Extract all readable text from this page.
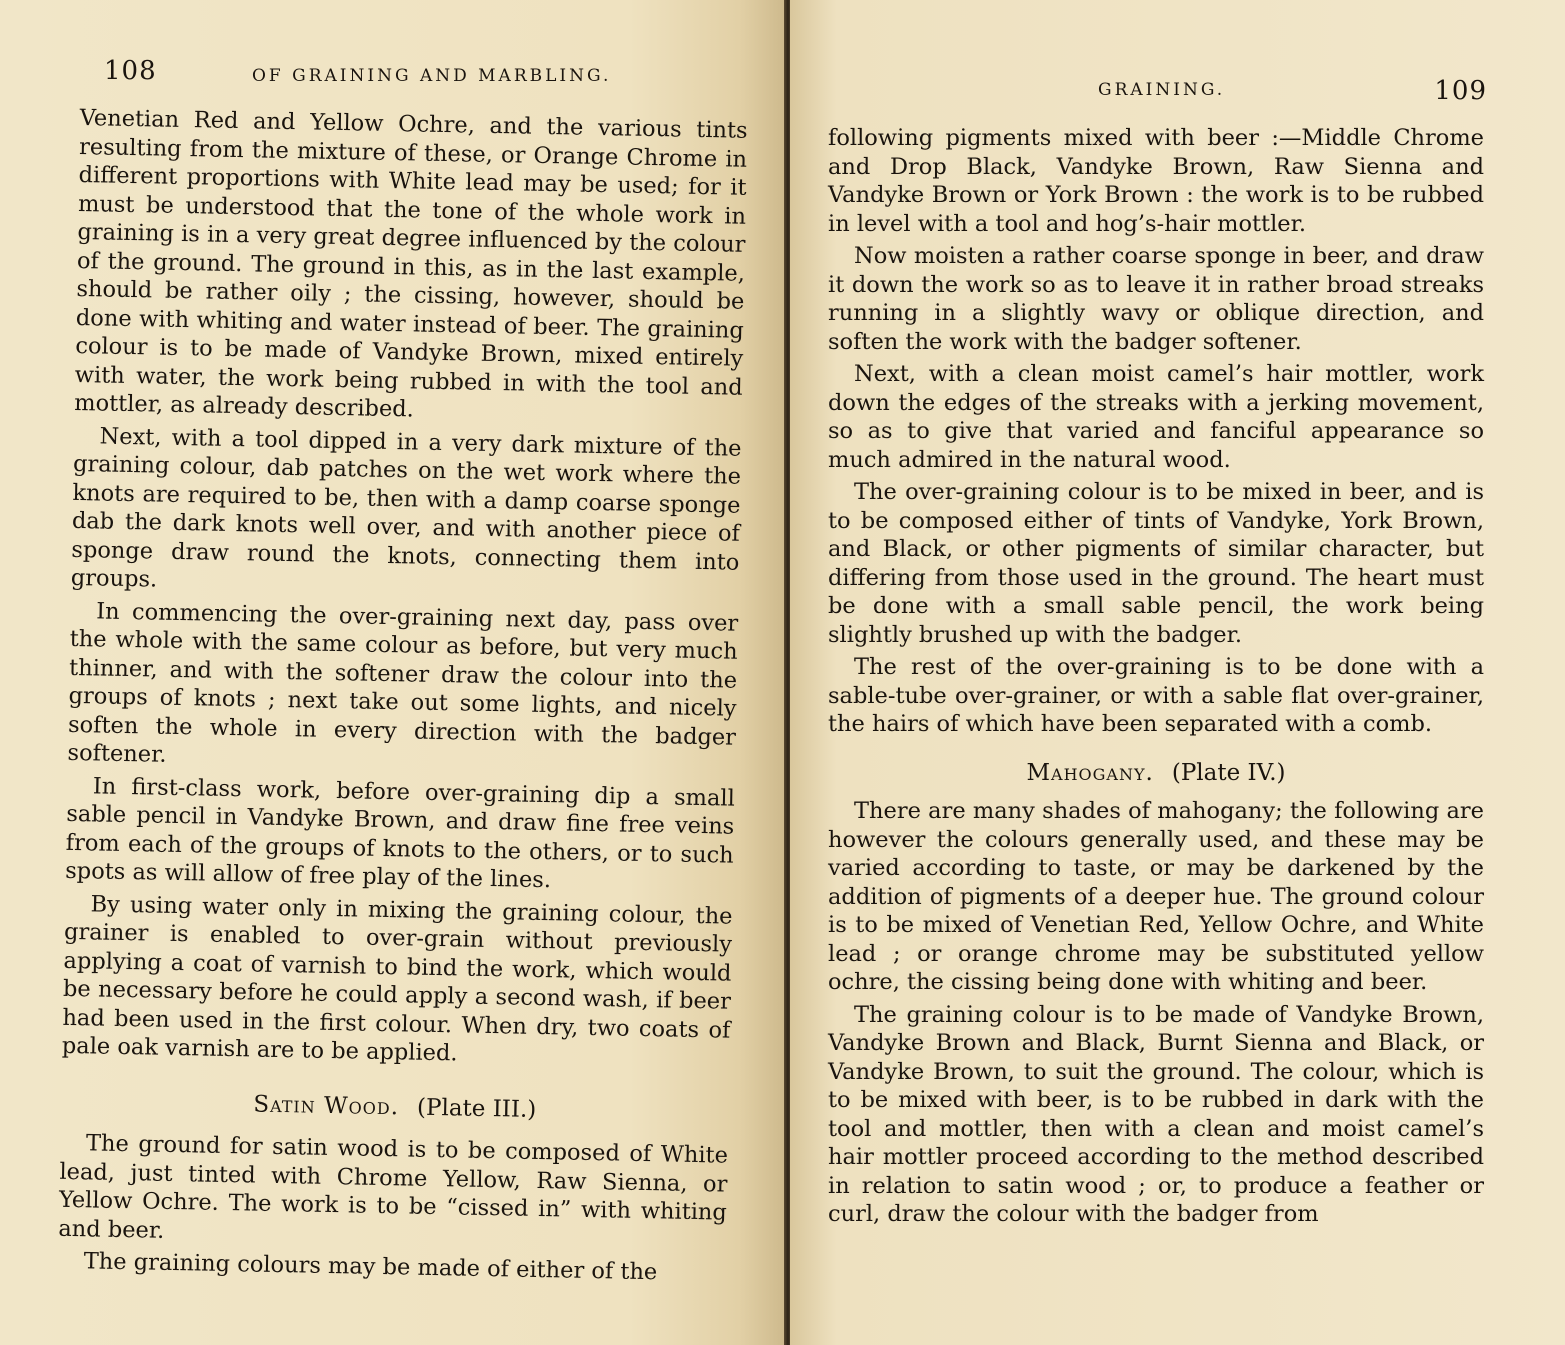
108	OF GRAINING AND MARBLING.

Venetian Red and Yellow Ochre, and the various tints resulting from the mixture of these, or Orange Chrome in different proportions with White lead may be used; for it must be understood that the tone of the whole work in graining is in a very great degree influenced by the colour of the ground. The ground in this, as in the last example, should be rather oily ; the cissing, however, should be done with whiting and water instead of beer. The graining colour is to be made of Vandyke Brown, mixed entirely with water, the work being rubbed in with the tool and mottler, as already described.

Next, with a tool dipped in a very dark mixture of the graining colour, dab patches on the wet work where the knots are required to be, then with a damp coarse sponge dab the dark knots well over, and with another piece of sponge draw round the knots, connecting them into groups.

In commencing the over-graining next day, pass over the whole with the same colour as before, but very much thinner, and with the softener draw the colour into the groups of knots ; next take out some lights, and nicely soften the whole in every direction with the badger softener.

In first-class work, before over-graining dip a small sable pencil in Vandyke Brown, and draw fine free veins from each of the groups of knots to the others, or to such spots as will allow of free play of the lines.

By using water only in mixing the graining colour, the grainer is enabled to over-grain without previously applying a coat of varnish to bind the work, which would be necessary before he could apply a second wash, if beer had been used in the first colour. When dry, two coats of pale oak varnish are to be applied.

Satin Wood. (Plate III.)

The ground for satin wood is to be composed of White lead, just tinted with Chrome Yellow, Raw Sienna, or Yellow Ochre. The work is to be “cissed in” with whiting and beer.

The graining colours may be made of either of the

GRAINING.	109

following pigments mixed with beer :—Middle Chrome and Drop Black, Vandyke Brown, Raw Sienna and Vandyke Brown or York Brown : the work is to be rubbed in level with a tool and hog’s-hair mottler.

Now moisten a rather coarse sponge in beer, and draw it down the work so as to leave it in rather broad streaks running in a slightly wavy or oblique direction, and soften the work with the badger softener.

Next, with a clean moist camel’s hair mottler, work down the edges of the streaks with a jerking movement, so as to give that varied and fanciful appearance so much admired in the natural wood.

The over-graining colour is to be mixed in beer, and is to be composed either of tints of Vandyke, York Brown, and Black, or other pigments of similar character, but differing from those used in the ground. The heart must be done with a small sable pencil, the work being slightly brushed up with the badger.

The rest of the over-graining is to be done with a sable-tube over-grainer, or with a sable flat over-grainer, the hairs of which have been separated with a comb.

Mahogany. (Plate IV.)

There are many shades of mahogany; the following are however the colours generally used, and these may be varied according to taste, or may be darkened by the addition of pigments of a deeper hue. The ground colour is to be mixed of Venetian Red, Yellow Ochre, and White lead ; or orange chrome may be substituted yellow ochre, the cissing being done with whiting and beer.

The graining colour is to be made of Vandyke Brown, Vandyke Brown and Black, Burnt Sienna and Black, or Vandyke Brown, to suit the ground. The colour, which is to be mixed with beer, is to be rubbed in dark with the tool and mottler, then with a clean and moist camel’s hair mottler proceed according to the method described in relation to satin wood ; or, to produce a feather or curl, draw the colour with the badger from
